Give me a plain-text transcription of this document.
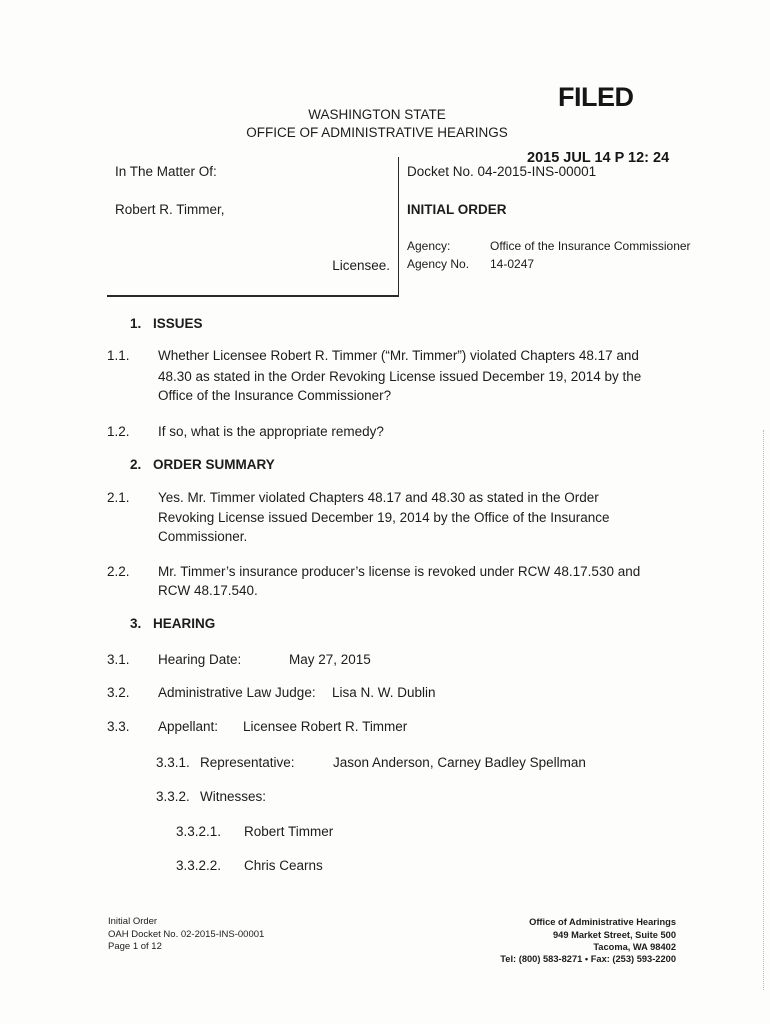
FILED
2015 JUL 14 P 12: 24
WASHINGTON STATE
OFFICE OF ADMINISTRATIVE HEARINGS
In The Matter Of:
Robert R. Timmer,
Licensee.
Docket No. 04-2015-INS-00001
INITIAL ORDER
Agency:	Office of the Insurance Commissioner
Agency No. 14-0247
1. ISSUES
1.1. Whether Licensee Robert R. Timmer (“Mr. Timmer”) violated Chapters 48.17 and
48.30 as stated in the Order Revoking License issued December 19, 2014 by the
Office of the Insurance Commissioner?
1.2. If so, what is the appropriate remedy?
2. ORDER SUMMARY
2.1. Yes. Mr. Timmer violated Chapters 48.17 and 48.30 as stated in the Order
Revoking License issued December 19, 2014 by the Office of the Insurance
Commissioner.
2.2. Mr. Timmer’s insurance producer’s license is revoked under RCW 48.17.530 and
RCW 48.17.540.
3. HEARING
3.1. Hearing Date:	May 27, 2015
3.2. Administrative Law Judge: Lisa N. W. Dublin
3.3. Appellant: Licensee Robert R. Timmer
3.3.1. Representative:	Jason Anderson, Carney Badley Spellman
3.3.2. Witnesses:
3.3.2.1. Robert Timmer
3.3.2.2. Chris Cearns
Initial Order
OAH Docket No. 02-2015-INS-00001
Page 1 of 12
Office of Administrative Hearings
949 Market Street, Suite 500
Tacoma, WA 98402
Tel: (800) 583-8271 • Fax: (253) 593-2200
